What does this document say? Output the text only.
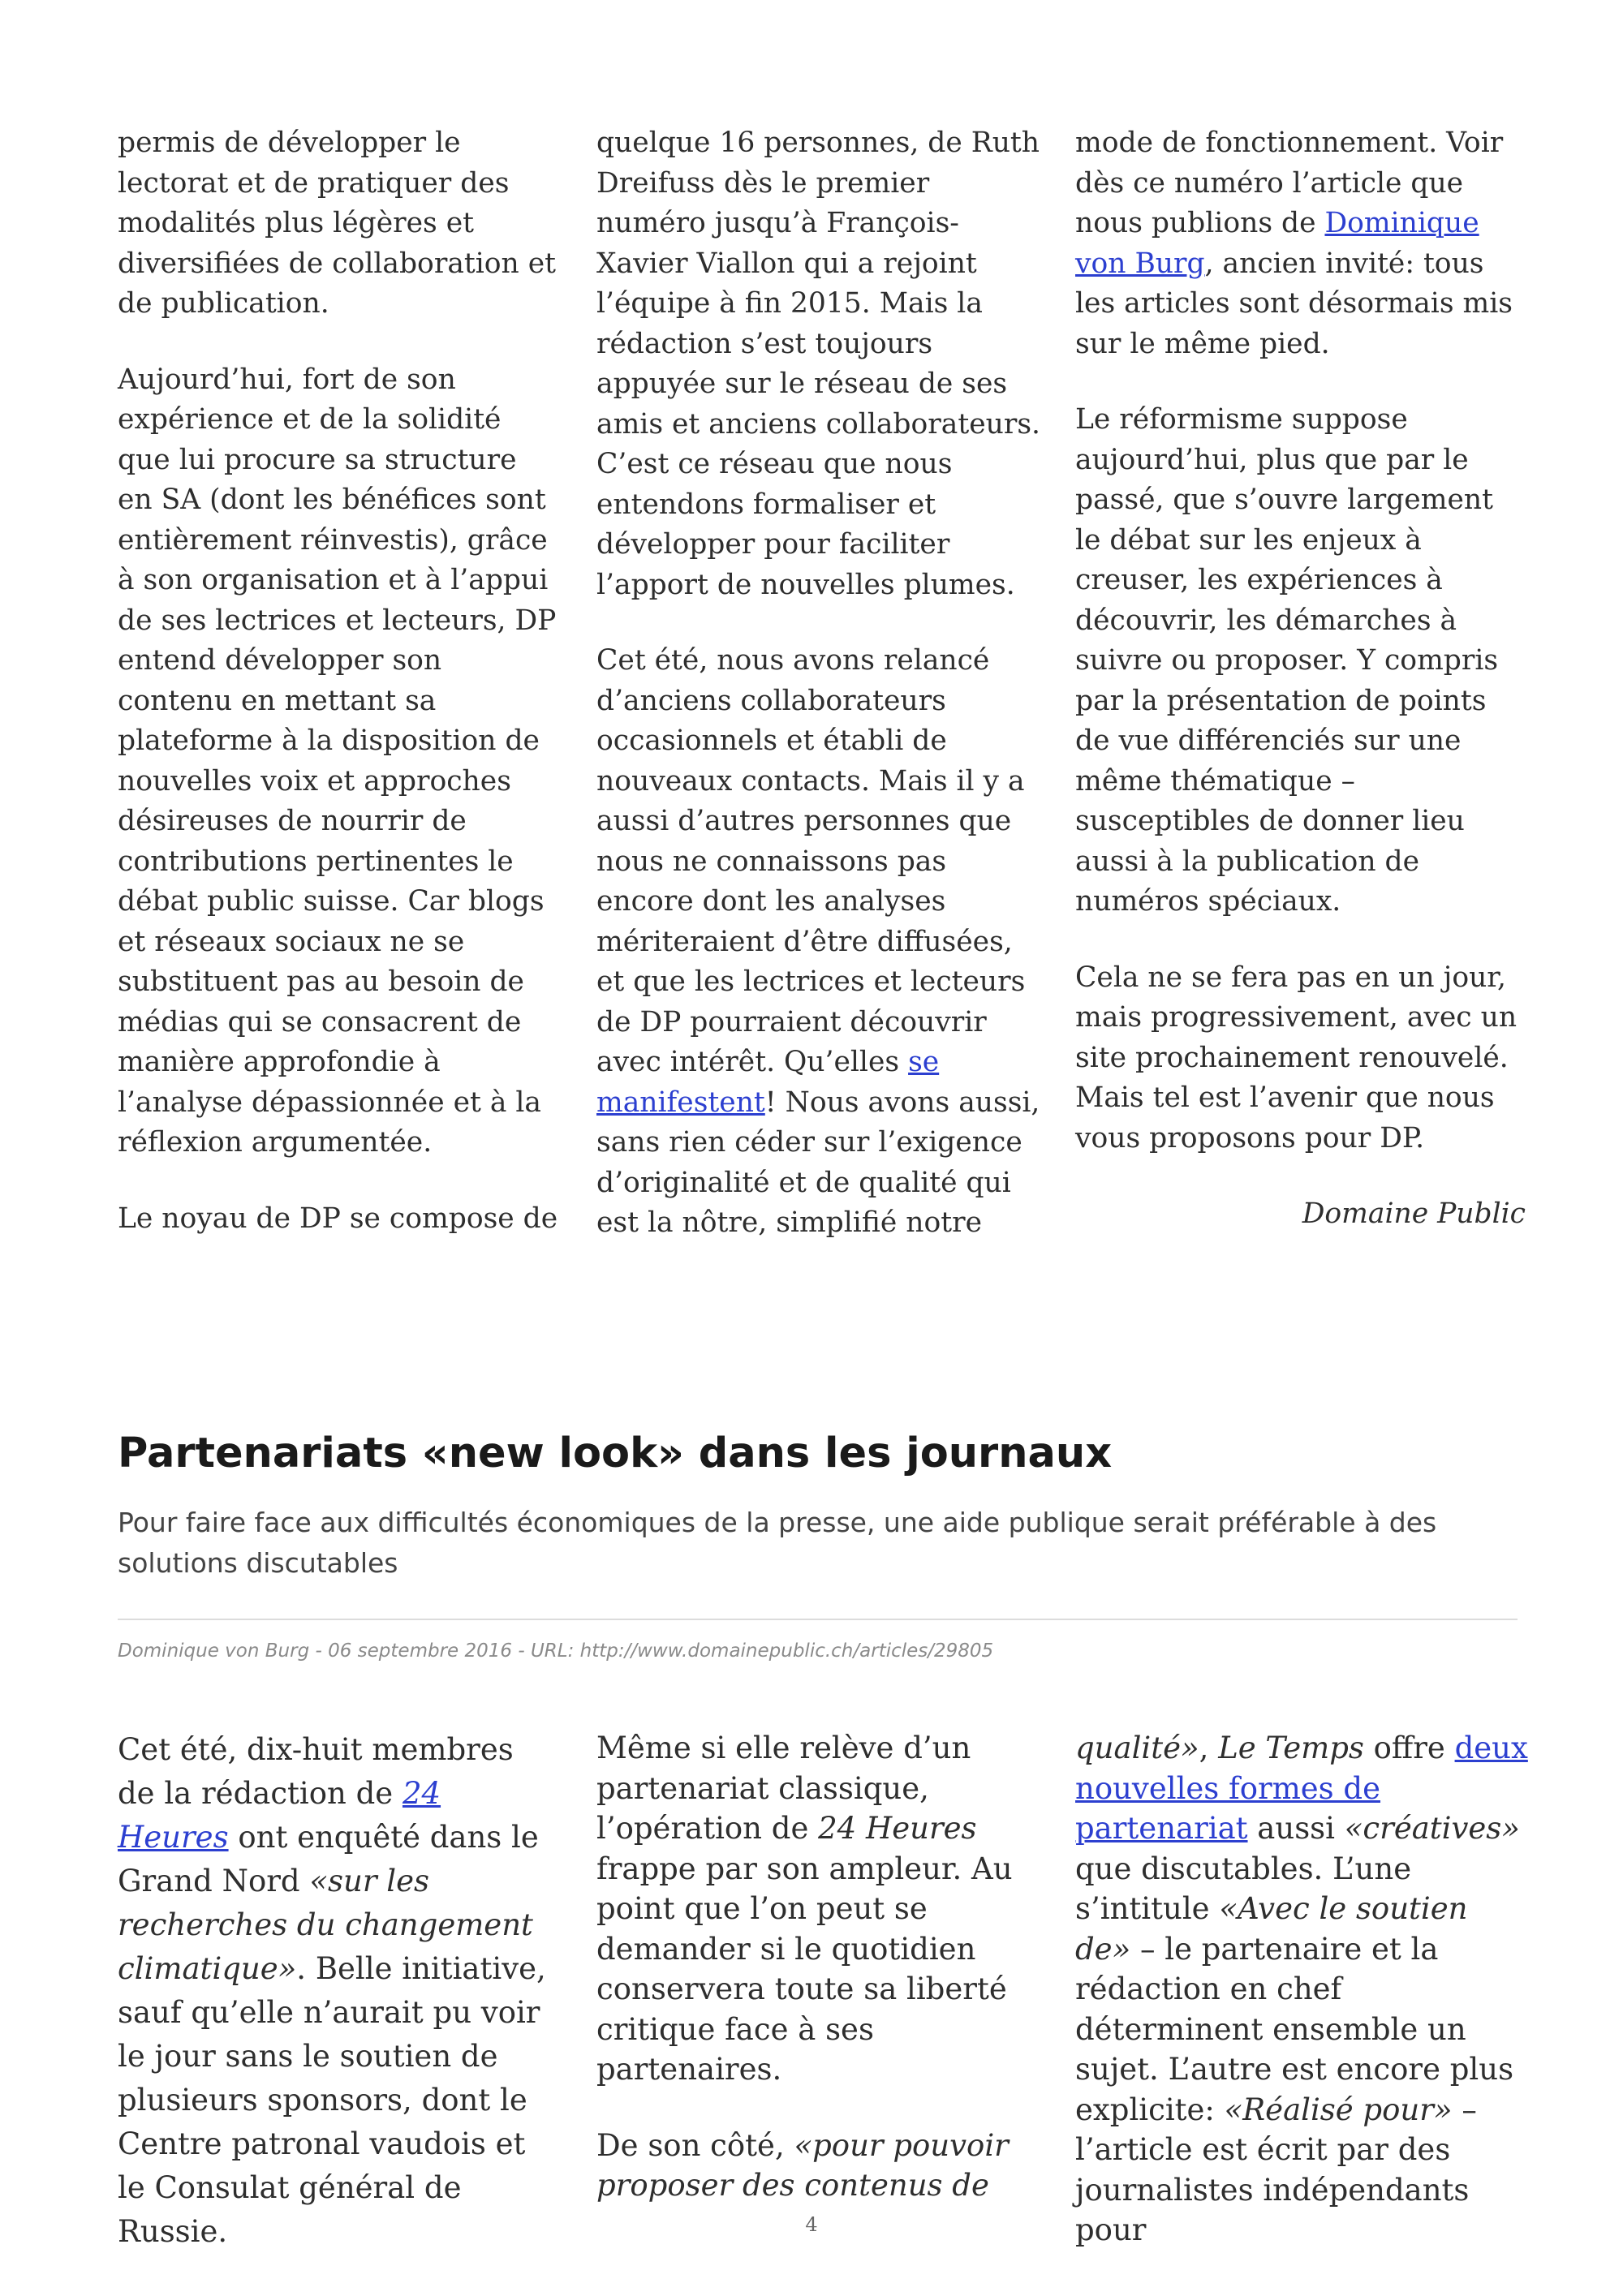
permis de développer le lectorat et de pratiquer des modalités plus légères et diversifiées de collaboration et de publication.

Aujourd’hui, fort de son expérience et de la solidité que lui procure sa structure en SA (dont les bénéfices sont entièrement réinvestis), grâce à son organisation et à l’appui de ses lectrices et lecteurs, DP entend développer son contenu en mettant sa plateforme à la disposition de nouvelles voix et approches désireuses de nourrir de contributions pertinentes le débat public suisse. Car blogs et réseaux sociaux ne se substituent pas au besoin de médias qui se consacrent de manière approfondie à l’analyse dépassionnée et à la réflexion argumentée.

Le noyau de DP se compose de

quelque 16 personnes, de Ruth Dreifuss dès le premier numéro jusqu’à François-Xavier Viallon qui a rejoint l’équipe à fin 2015. Mais la rédaction s’est toujours appuyée sur le réseau de ses amis et anciens collaborateurs. C’est ce réseau que nous entendons formaliser et développer pour faciliter l’apport de nouvelles plumes.

Cet été, nous avons relancé d’anciens collaborateurs occasionnels et établi de nouveaux contacts. Mais il y a aussi d’autres personnes que nous ne connaissons pas encore dont les analyses mériteraient d’être diffusées, et que les lectrices et lecteurs de DP pourraient découvrir avec intérêt. Qu’elles se manifestent! Nous avons aussi, sans rien céder sur l’exigence d’originalité et de qualité qui est la nôtre, simplifié notre

mode de fonctionnement. Voir dès ce numéro l’article que nous publions de Dominique von Burg, ancien invité: tous les articles sont désormais mis sur le même pied.

Le réformisme suppose aujourd’hui, plus que par le passé, que s’ouvre largement le débat sur les enjeux à creuser, les expériences à découvrir, les démarches à suivre ou proposer. Y compris par la présentation de points de vue différenciés sur une même thématique – susceptibles de donner lieu aussi à la publication de numéros spéciaux.

Cela ne se fera pas en un jour, mais progressivement, avec un site prochainement renouvelé. Mais tel est l’avenir que nous vous proposons pour DP.

Domaine Public

Partenariats «new look» dans les journaux

Pour faire face aux difficultés économiques de la presse, une aide publique serait préférable à des solutions discutables

Dominique von Burg - 06 septembre 2016 - URL: http://www.domainepublic.ch/articles/29805

Cet été, dix-huit membres de la rédaction de 24 Heures ont enquêté dans le Grand Nord «sur les recherches du changement climatique». Belle initiative, sauf qu’elle n’aurait pu voir le jour sans le soutien de plusieurs sponsors, dont le Centre patronal vaudois et le Consulat général de Russie.

Même si elle relève d’un partenariat classique, l’opération de 24 Heures frappe par son ampleur. Au point que l’on peut se demander si le quotidien conservera toute sa liberté critique face à ses partenaires.

De son côté, «pour pouvoir proposer des contenus de

qualité», Le Temps offre deux nouvelles formes de partenariat aussi «créatives» que discutables. L’une s’intitule «Avec le soutien de» – le partenaire et la rédaction en chef déterminent ensemble un sujet. L’autre est encore plus explicite: «Réalisé pour» – l’article est écrit par des journalistes indépendants pour

4
